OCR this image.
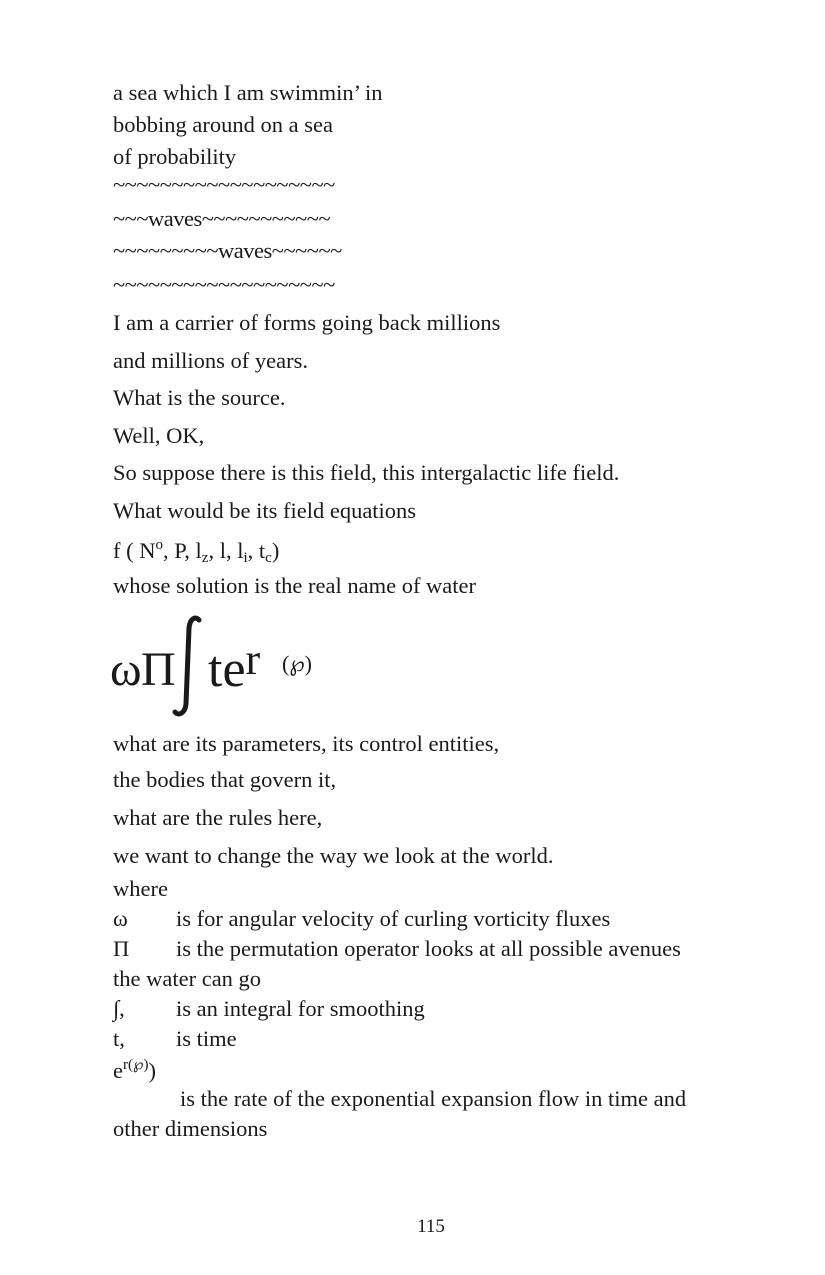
a sea which I am swimmin’ in
bobbing around on a sea
of probability
~~~~~~~~~~~~~~~~~~~
~~~waves~~~~~~~~~~~
~~~~~~~~~waves~~~~~~
~~~~~~~~~~~~~~~~~~~
I am a carrier of forms going back millions
and millions of years.
What is the source.
Well, OK,
So suppose there is this field, this intergalactic life field.
What would be its field equations
f ( $N^o$, P, $l_z$, l, $l_i$, $t_c$)
whose solution is the real name of water
ω Π $te^r$ (℘)
what are its parameters, its control entities,
the bodies that govern it,
what are the rules here,
we want to change the way we look at the world.
where
ω is for angular velocity of curling vorticity fluxes
Π is the permutation operator looks at all possible avenues
the water can go
∫, is an integral for smoothing
t, is time
$e^{r(℘)}$)
is the rate of the exponential expansion flow in time and
other dimensions
115
